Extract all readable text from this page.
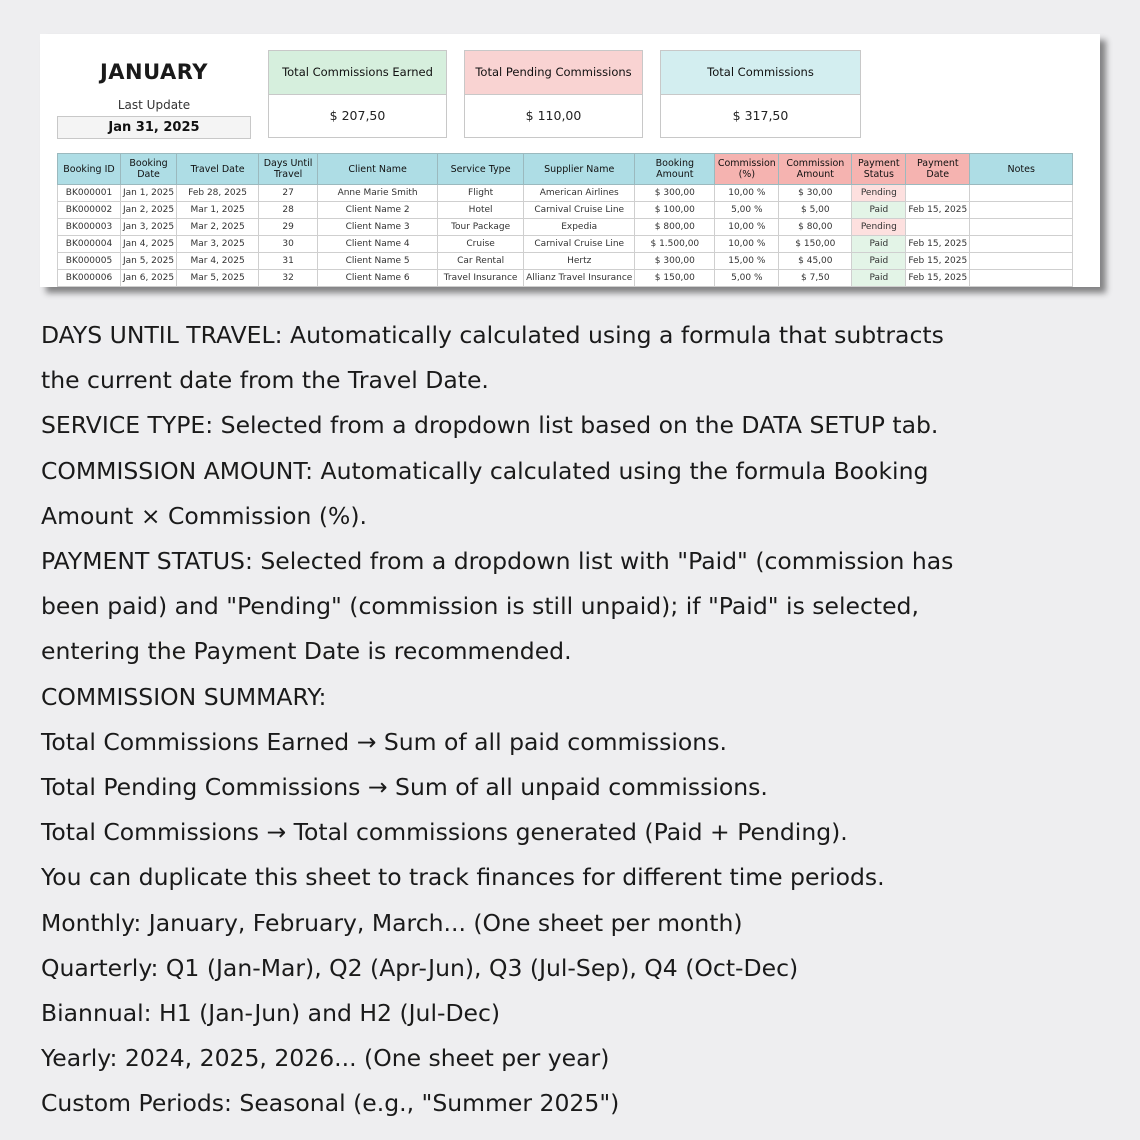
JANUARY
Last Update
Jan 31, 2025
Total Commissions Earned
$ 207,50
Total Pending Commissions
$ 110,00
Total Commissions
$ 317,50
Booking ID	Booking Date	Travel Date	Days Until Travel	Client Name	Service Type	Supplier Name	Booking Amount	Commission (%)	Commission Amount	Payment Status	Payment Date	Notes
BK000001	Jan 1, 2025	Feb 28, 2025	27	Anne Marie Smith	Flight	American Airlines	$ 300,00	10,00 %	$ 30,00	Pending		
BK000002	Jan 2, 2025	Mar 1, 2025	28	Client Name 2	Hotel	Carnival Cruise Line	$ 100,00	5,00 %	$ 5,00	Paid	Feb 15, 2025	
BK000003	Jan 3, 2025	Mar 2, 2025	29	Client Name 3	Tour Package	Expedia	$ 800,00	10,00 %	$ 80,00	Pending		
BK000004	Jan 4, 2025	Mar 3, 2025	30	Client Name 4	Cruise	Carnival Cruise Line	$ 1.500,00	10,00 %	$ 150,00	Paid	Feb 15, 2025	
BK000005	Jan 5, 2025	Mar 4, 2025	31	Client Name 5	Car Rental	Hertz	$ 300,00	15,00 %	$ 45,00	Paid	Feb 15, 2025	
BK000006	Jan 6, 2025	Mar 5, 2025	32	Client Name 6	Travel Insurance	Allianz Travel Insurance	$ 150,00	5,00 %	$ 7,50	Paid	Feb 15, 2025	

DAYS UNTIL TRAVEL: Automatically calculated using a formula that subtracts

the current date from the Travel Date.

SERVICE TYPE: Selected from a dropdown list based on the DATA SETUP tab.

COMMISSION AMOUNT: Automatically calculated using the formula Booking

Amount × Commission (%).

PAYMENT STATUS: Selected from a dropdown list with "Paid" (commission has

been paid) and "Pending" (commission is still unpaid); if "Paid" is selected,

entering the Payment Date is recommended.

COMMISSION SUMMARY:

Total Commissions Earned → Sum of all paid commissions.

Total Pending Commissions → Sum of all unpaid commissions.

Total Commissions → Total commissions generated (Paid + Pending).

You can duplicate this sheet to track finances for different time periods.

Monthly: January, February, March... (One sheet per month)

Quarterly: Q1 (Jan-Mar), Q2 (Apr-Jun), Q3 (Jul-Sep), Q4 (Oct-Dec)

Biannual: H1 (Jan-Jun) and H2 (Jul-Dec)

Yearly: 2024, 2025, 2026... (One sheet per year)

Custom Periods: Seasonal (e.g., "Summer 2025")
